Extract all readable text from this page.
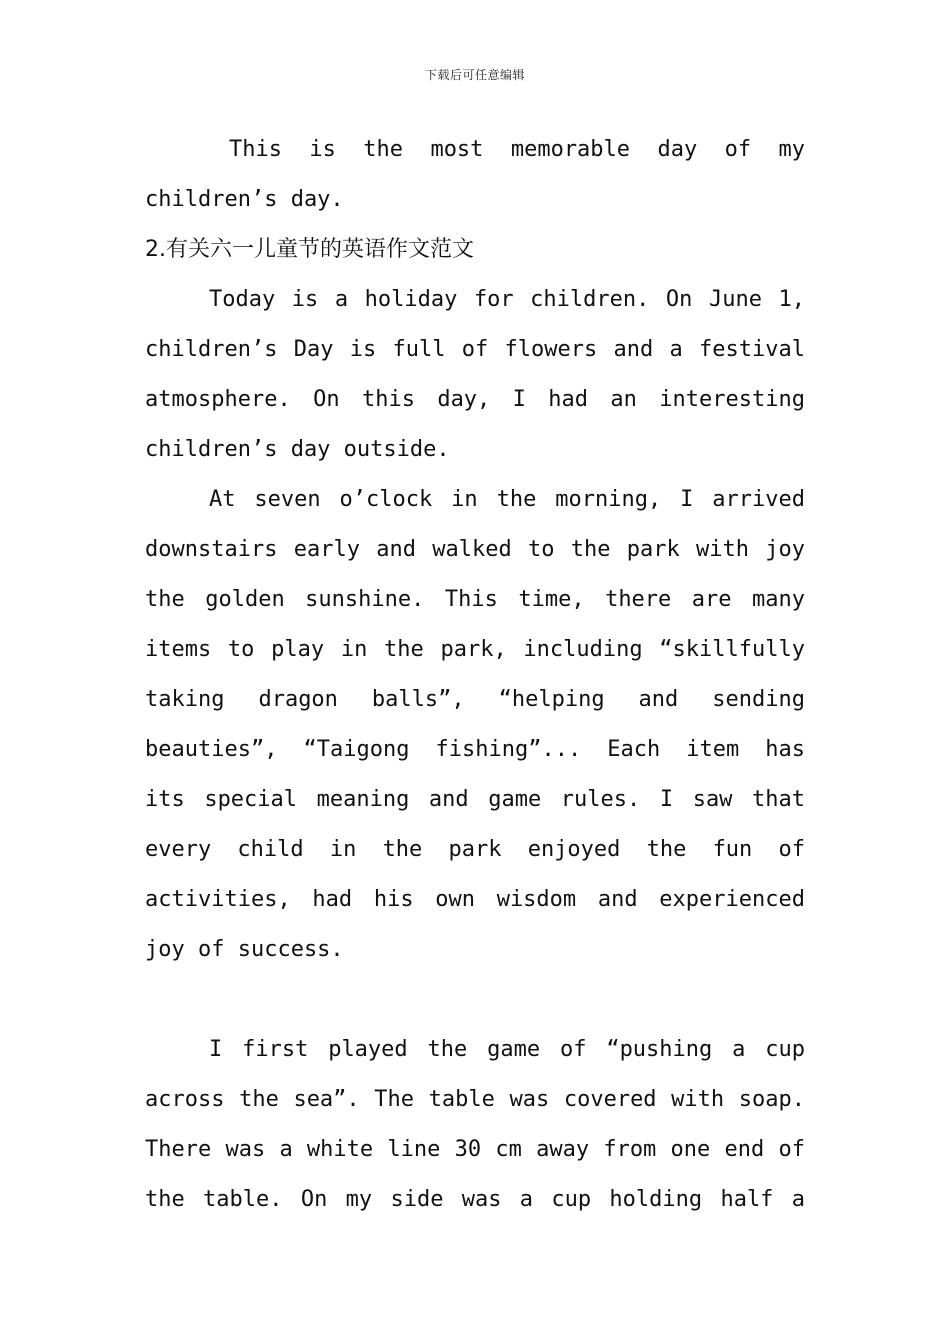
下载后可任意编辑
This is the most memorable day of my
children’s day.
2.有关六一儿童节的英语作文范文
Today is a holiday for children. On June 1,
children’s Day is full of flowers and a festival
atmosphere. On this day, I had an interesting
children’s day outside.
At seven o’clock in the morning, I arrived
downstairs early and walked to the park with joy
the golden sunshine. This time, there are many
items to play in the park, including “skillfully
taking dragon balls”, “helping and sending
beauties”, “Taigong fishing”... Each item has
its special meaning and game rules. I saw that
every child in the park enjoyed the fun of
activities, had his own wisdom and experienced
joy of success.
I first played the game of “pushing a cup
across the sea”. The table was covered with soap.
There was a white line 30 cm away from one end of
the table. On my side was a cup holding half a
